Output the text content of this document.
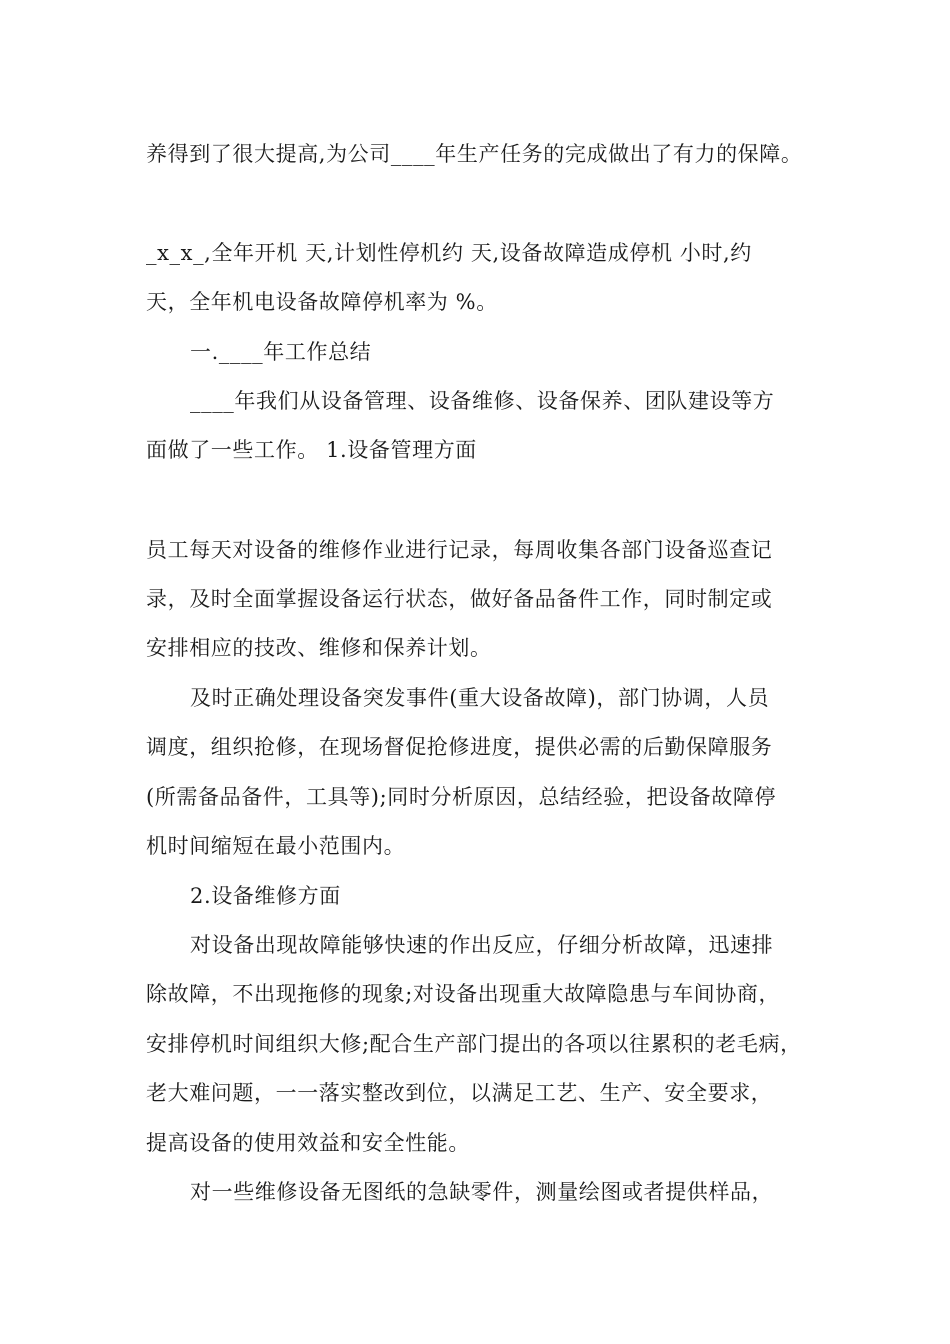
养得到了很大提高,为公司____年生产任务的完成做出了有力的保障。
_x_x_,全年开机 天,计划性停机约 天,设备故障造成停机 小时,约
天，全年机电设备故障停机率为 %。
一.____年工作总结
____年我们从设备管理、设备维修、设备保养、团队建设等方
面做了一些工作。 1.设备管理方面
员工每天对设备的维修作业进行记录，每周收集各部门设备巡查记
录，及时全面掌握设备运行状态，做好备品备件工作，同时制定或
安排相应的技改、维修和保养计划。
及时正确处理设备突发事件(重大设备故障)，部门协调，人员
调度，组织抢修，在现场督促抢修进度，提供必需的后勤保障服务
(所需备品备件，工具等);同时分析原因，总结经验，把设备故障停
机时间缩短在最小范围内。
2.设备维修方面
对设备出现故障能够快速的作出反应，仔细分析故障，迅速排
除故障，不出现拖修的现象;对设备出现重大故障隐患与车间协商，
安排停机时间组织大修;配合生产部门提出的各项以往累积的老毛病，
老大难问题，一一落实整改到位，以满足工艺、生产、安全要求，
提高设备的使用效益和安全性能。
对一些维修设备无图纸的急缺零件，测量绘图或者提供样品，
